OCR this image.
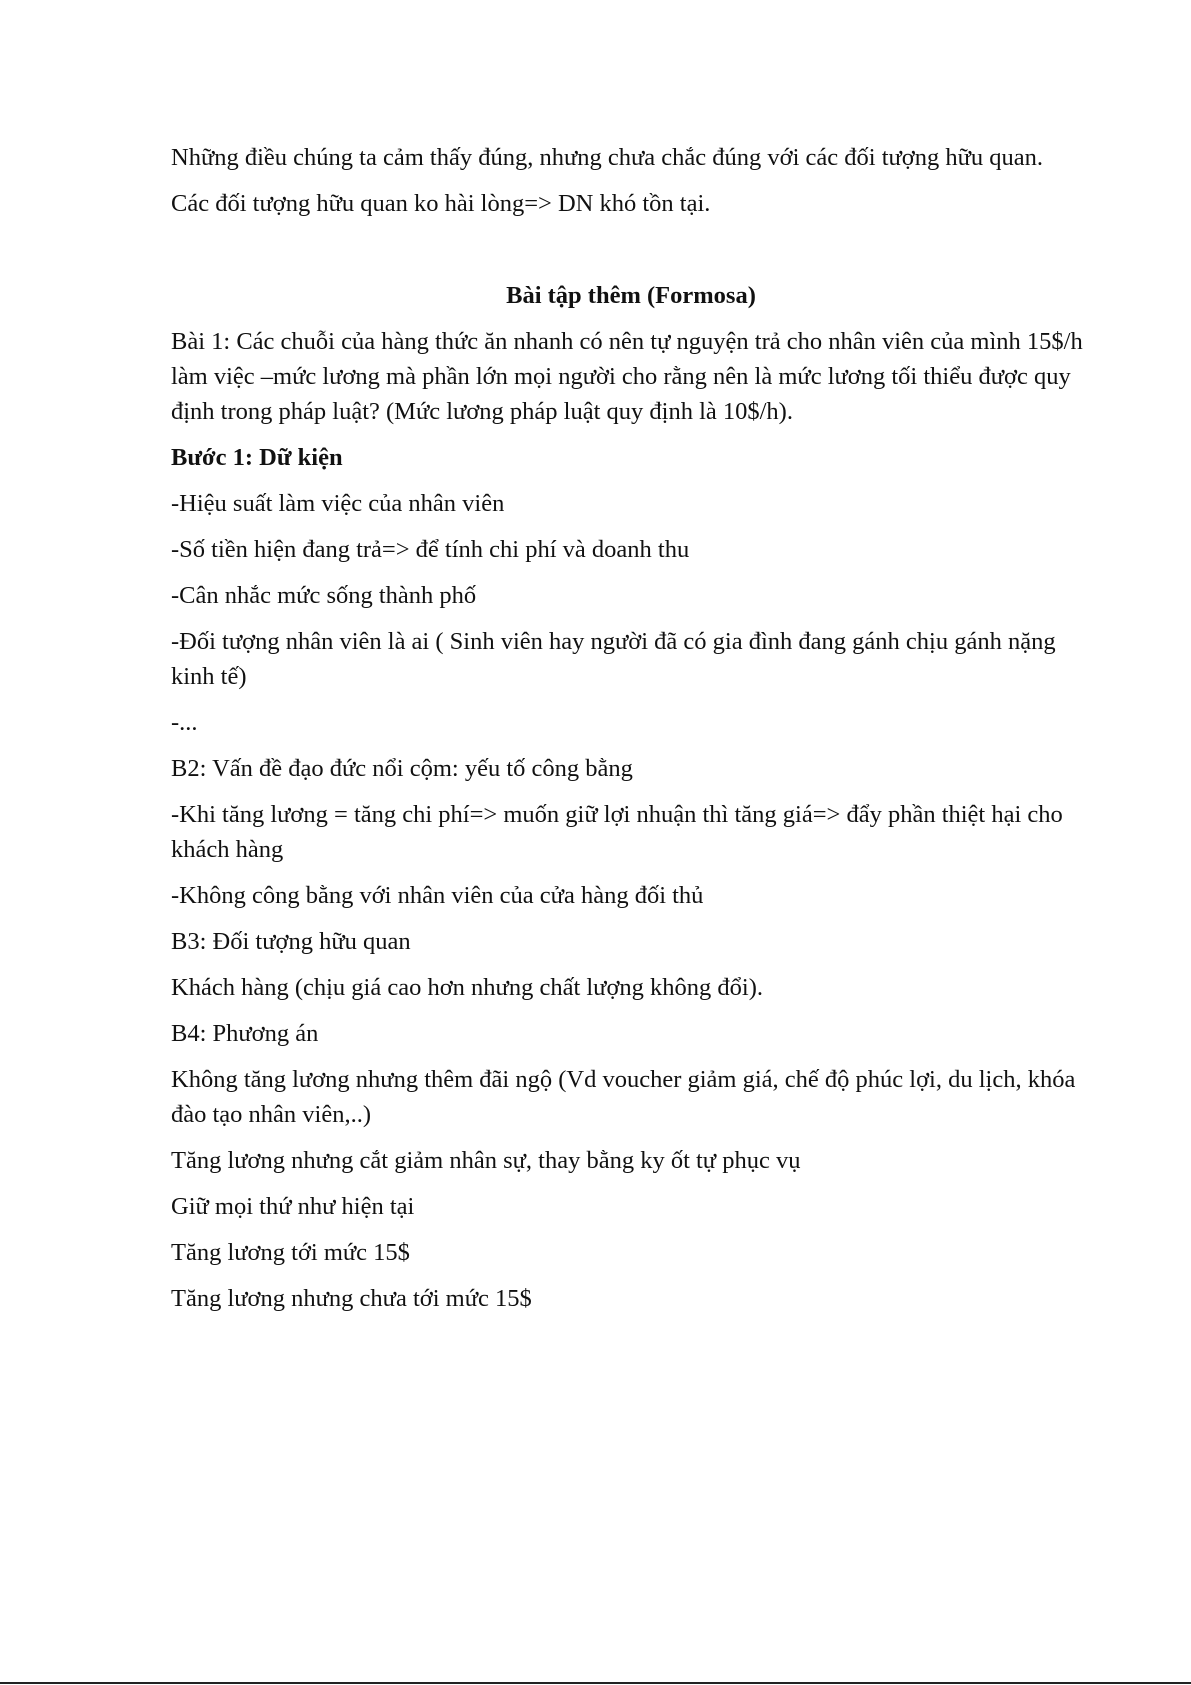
Những điều chúng ta cảm thấy đúng, nhưng chưa chắc đúng với các đối tượng hữu quan.

Các đối tượng hữu quan ko hài lòng=> DN khó tồn tại.

Bài tập thêm (Formosa)

Bài 1: Các chuỗi của hàng thức ăn nhanh có nên tự nguyện trả cho nhân viên của mình 15$/h làm việc –mức lương mà phần lớn mọi người cho rằng nên là mức lương tối thiểu được quy định trong pháp luật? (Mức lương pháp luật quy định là 10$/h).

Bước 1: Dữ kiện

-Hiệu suất làm việc của nhân viên

-Số tiền hiện đang trả=> để tính chi phí và doanh thu

-Cân nhắc mức sống thành phố

-Đối tượng nhân viên là ai ( Sinh viên hay người đã có gia đình đang gánh chịu gánh nặng kinh tế)

-...

B2: Vấn đề đạo đức nổi cộm: yếu tố công bằng

-Khi tăng lương = tăng chi phí=> muốn giữ lợi nhuận thì tăng giá=> đẩy phần thiệt hại cho khách hàng

-Không công bằng với nhân viên của cửa hàng đối thủ

B3: Đối tượng hữu quan

Khách hàng (chịu giá cao hơn nhưng chất lượng không đổi).

B4: Phương án

Không tăng lương nhưng thêm đãi ngộ (Vd voucher giảm giá, chế độ phúc lợi, du lịch, khóa đào tạo nhân viên,..)

Tăng lương nhưng cắt giảm nhân sự, thay bằng ky ốt tự phục vụ

Giữ mọi thứ như hiện tại

Tăng lương tới mức 15$

Tăng lương nhưng chưa tới mức 15$
